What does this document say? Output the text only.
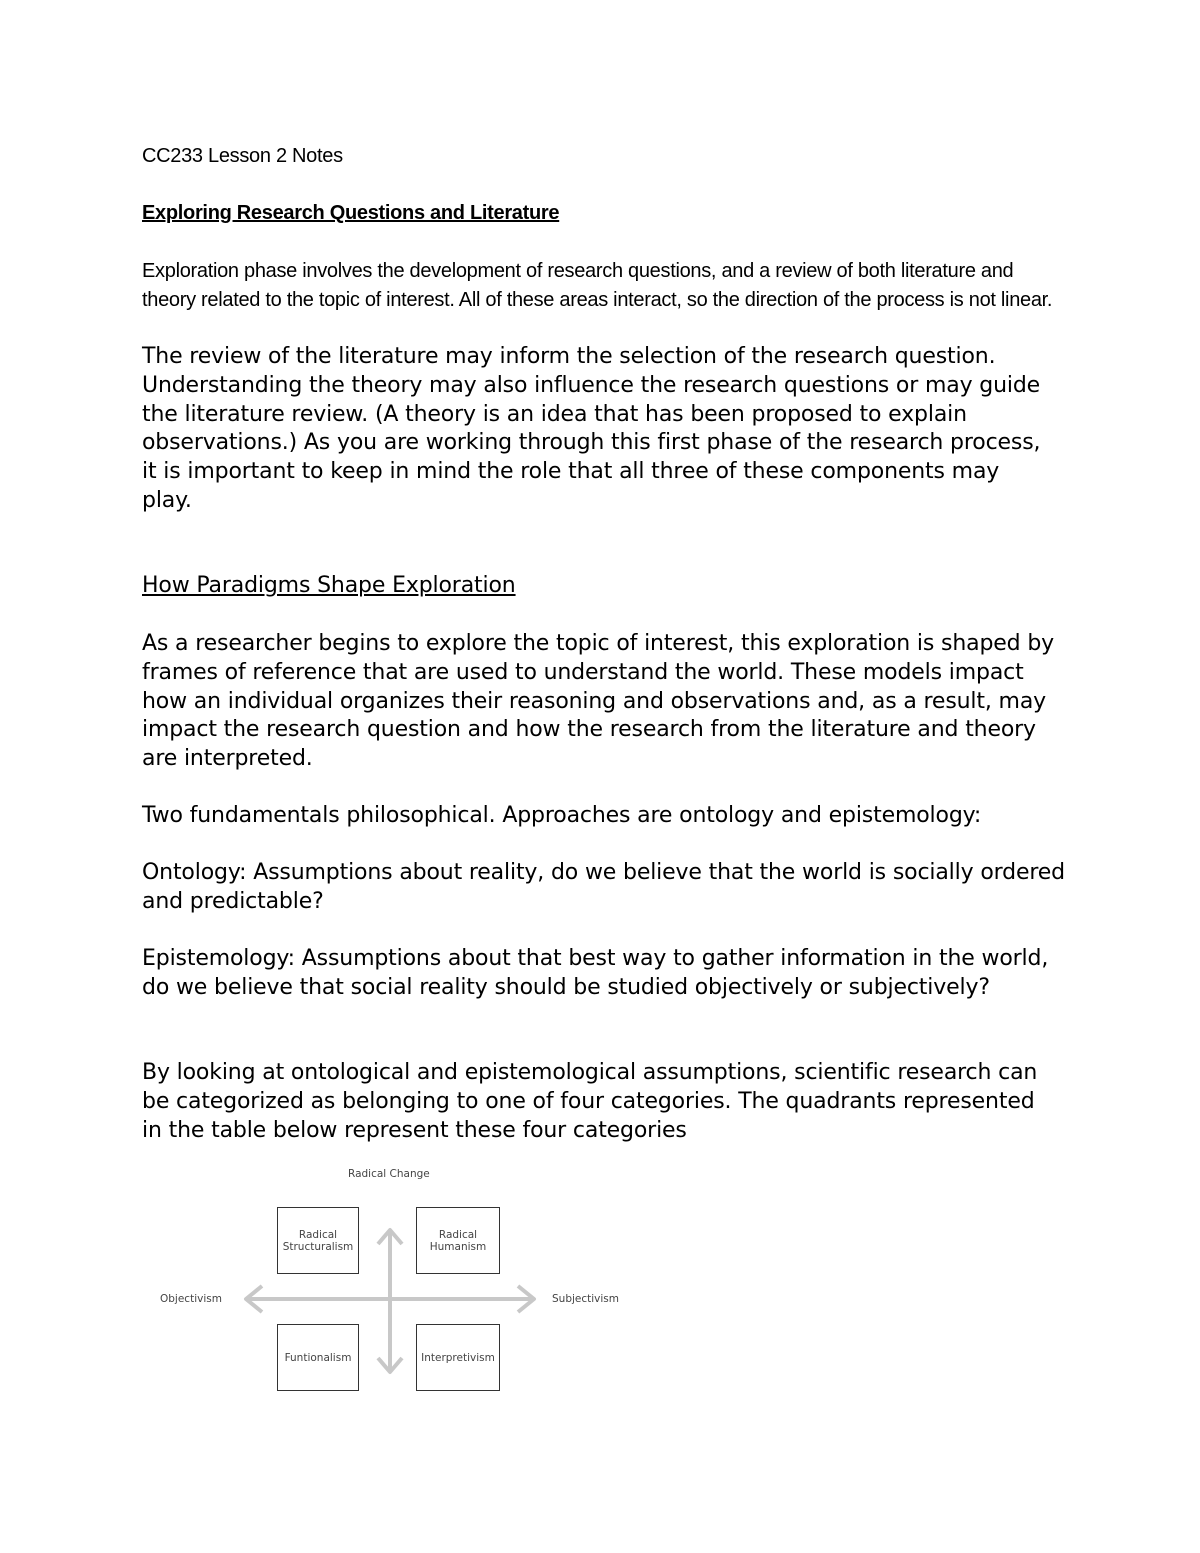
CC233 Lesson 2 Notes

Exploring Research Questions and Literature

Exploration phase involves the development of research questions, and a review of both literature and theory related to the topic of interest. All of these areas interact, so the direction of the process is not linear.

The review of the literature may inform the selection of the research question. Understanding the theory may also influence the research questions or may guide the literature review. (A theory is an idea that has been proposed to explain observations.) As you are working through this first phase of the research process, it is important to keep in mind the role that all three of these components may play.

How Paradigms Shape Exploration

As a researcher begins to explore the topic of interest, this exploration is shaped by frames of reference that are used to understand the world. These models impact how an individual organizes their reasoning and observations and, as a result, may impact the research question and how the research from the literature and theory are interpreted.

Two fundamentals philosophical. Approaches are ontology and epistemology:

Ontology: Assumptions about reality, do we believe that the world is socially ordered and predictable?

Epistemology: Assumptions about that best way to gather information in the world, do we believe that social reality should be studied objectively or subjectively?

By looking at ontological and epistemological assumptions, scientific research can be categorized as belonging to one of four categories. The quadrants represented in the table below represent these four categories

Radical Change
Objectivism	Subjectivism
Radical Structuralism
Radical Humanism
Funtionalism	Interpretivism
